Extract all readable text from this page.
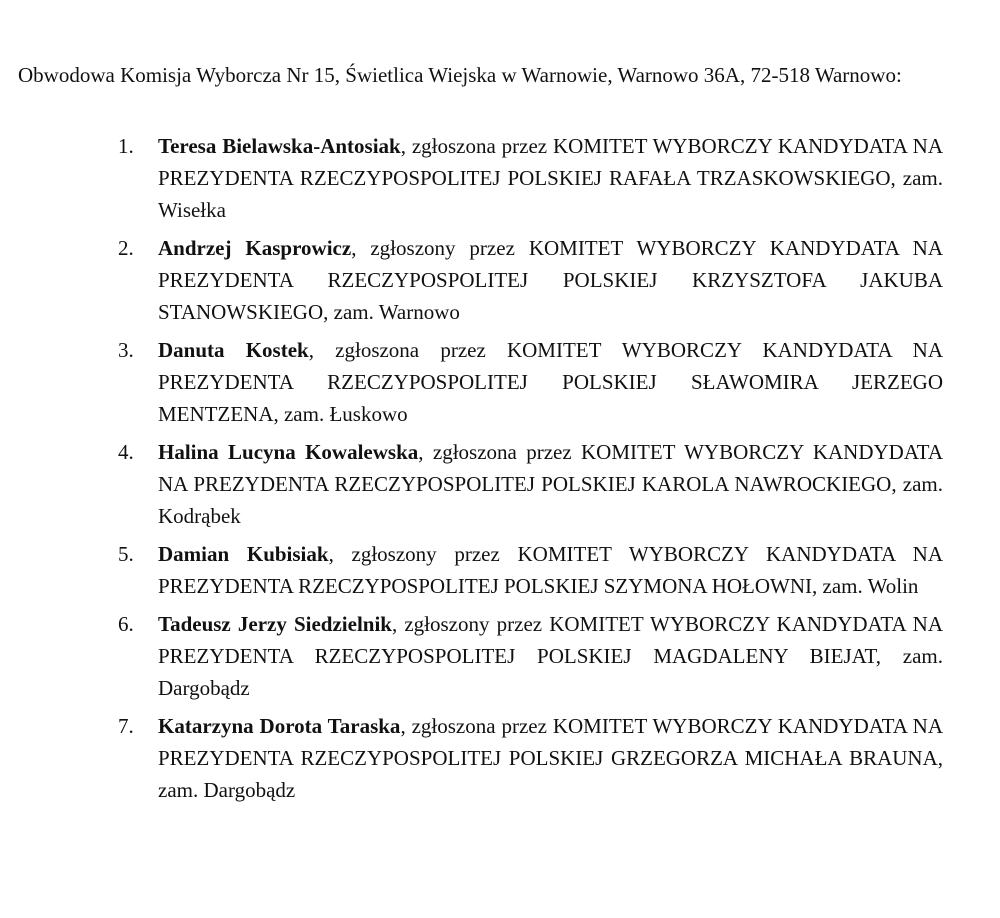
Obwodowa Komisja Wyborcza Nr 15, Świetlica Wiejska w Warnowie, Warnowo 36A, 72-518 Warnowo:

1. Teresa Bielawska-Antosiak, zgłoszona przez KOMITET WYBORCZY KANDYDATA NA PREZYDENTA RZECZYPOSPOLITEJ POLSKIEJ RAFAŁA TRZASKOWSKIEGO, zam. Wisełka
2. Andrzej Kasprowicz, zgłoszony przez KOMITET WYBORCZY KANDYDATA NA PREZYDENTA RZECZYPOSPOLITEJ POLSKIEJ KRZYSZTOFA JAKUBA STANOWSKIEGO, zam. Warnowo
3. Danuta Kostek, zgłoszona przez KOMITET WYBORCZY KANDYDATA NA PREZYDENTA RZECZYPOSPOLITEJ POLSKIEJ SŁAWOMIRA JERZEGO MENTZENA, zam. Łuskowo
4. Halina Lucyna Kowalewska, zgłoszona przez KOMITET WYBORCZY KANDYDATA NA PREZYDENTA RZECZYPOSPOLITEJ POLSKIEJ KAROLA NAWROCKIEGO, zam. Kodrąbek
5. Damian Kubisiak, zgłoszony przez KOMITET WYBORCZY KANDYDATA NA PREZYDENTA RZECZYPOSPOLITEJ POLSKIEJ SZYMONA HOŁOWNI, zam. Wolin
6. Tadeusz Jerzy Siedzielnik, zgłoszony przez KOMITET WYBORCZY KANDYDATA NA PREZYDENTA RZECZYPOSPOLITEJ POLSKIEJ MAGDALENY BIEJAT, zam. Dargobądz
7. Katarzyna Dorota Taraska, zgłoszona przez KOMITET WYBORCZY KANDYDATA NA PREZYDENTA RZECZYPOSPOLITEJ POLSKIEJ GRZEGORZA MICHAŁA BRAUNA, zam. Dargobądz
